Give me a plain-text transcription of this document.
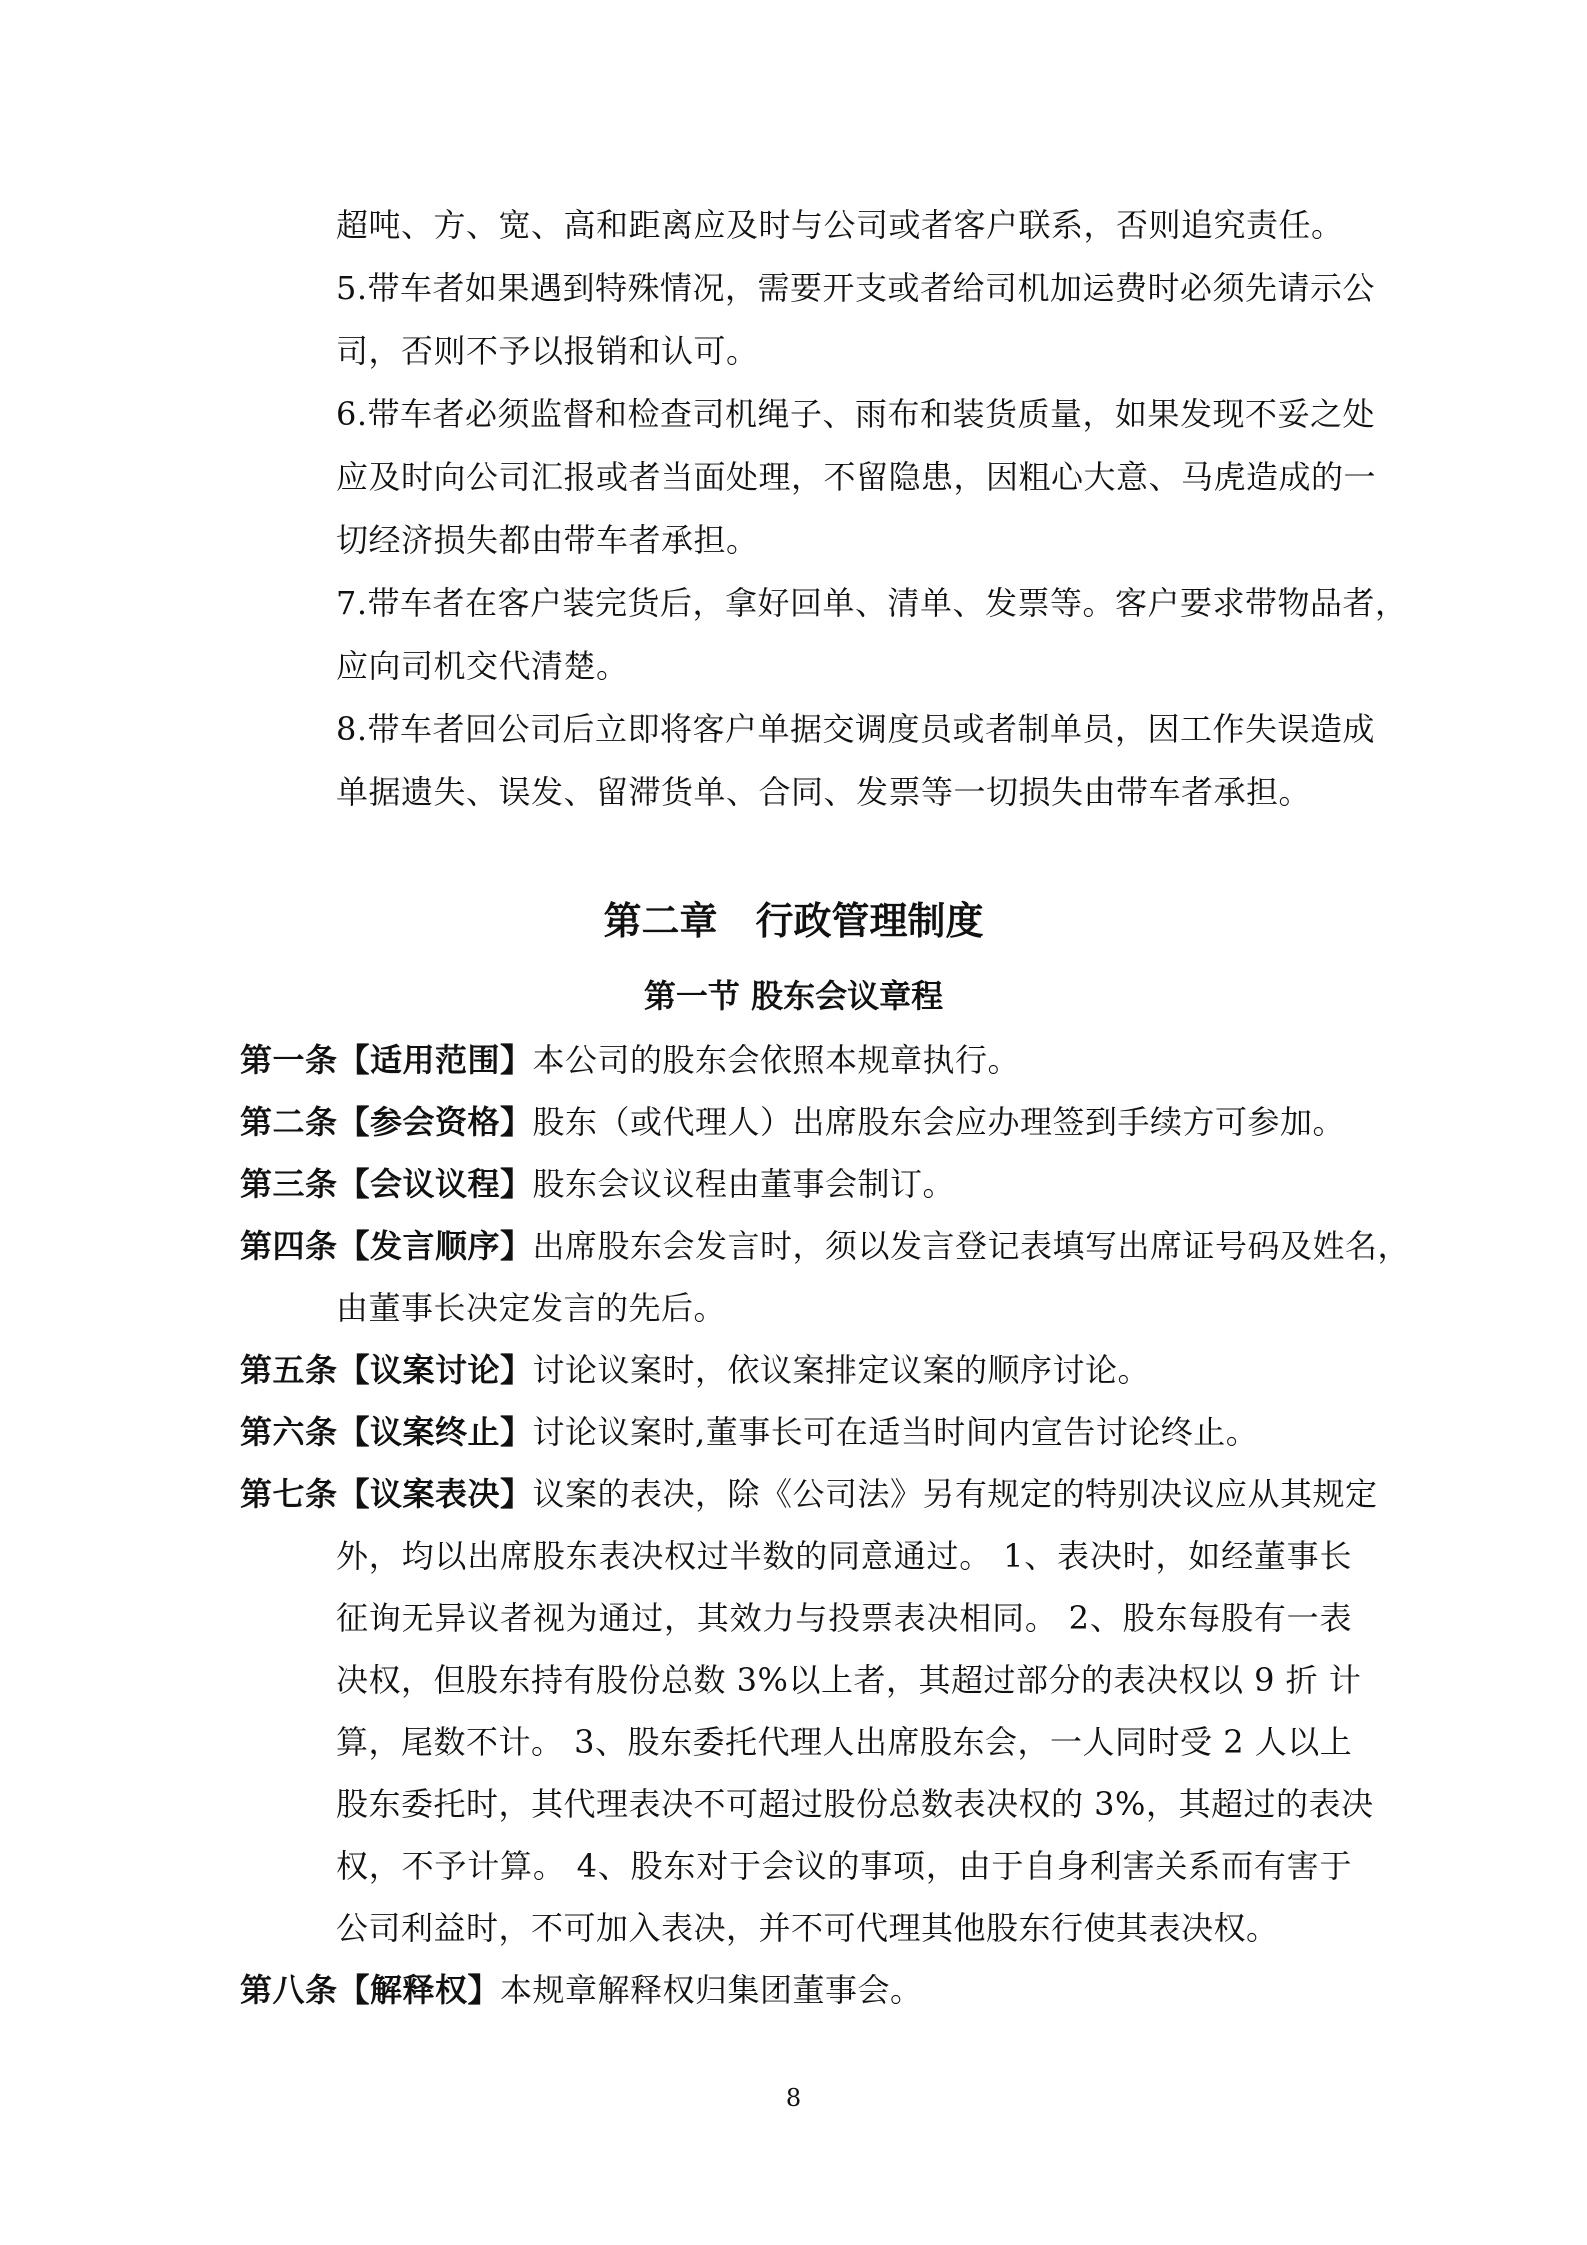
超吨、方、宽、高和距离应及时与公司或者客户联系，否则追究责任。
5.带车者如果遇到特殊情况，需要开支或者给司机加运费时必须先请示公
司，否则不予以报销和认可。
6.带车者必须监督和检查司机绳子、雨布和装货质量，如果发现不妥之处
应及时向公司汇报或者当面处理，不留隐患，因粗心大意、马虎造成的一
切经济损失都由带车者承担。
7.带车者在客户装完货后，拿好回单、清单、发票等。客户要求带物品者，
应向司机交代清楚。
8.带车者回公司后立即将客户单据交调度员或者制单员，因工作失误造成
单据遗失、误发、留滞货单、合同、发票等一切损失由带车者承担。
第二章　行政管理制度
第一节 股东会议章程
第一条【适用范围】本公司的股东会依照本规章执行。
第二条【参会资格】股东（或代理人）出席股东会应办理签到手续方可参加。
第三条【会议议程】股东会议议程由董事会制订。
第四条【发言顺序】出席股东会发言时，须以发言登记表填写出席证号码及姓名，
由董事长决定发言的先后。
第五条【议案讨论】讨论议案时，依议案排定议案的顺序讨论。
第六条【议案终止】讨论议案时,董事长可在适当时间内宣告讨论终止。
第七条【议案表决】议案的表决，除《公司法》另有规定的特别决议应从其规定
外，均以出席股东表决权过半数的同意通过。 1、表决时，如经董事长
征询无异议者视为通过，其效力与投票表决相同。 2、股东每股有一表
决权，但股东持有股份总数 3%以上者，其超过部分的表决权以 9 折 计
算，尾数不计。 3、股东委托代理人出席股东会，一人同时受 2 人以上
股东委托时，其代理表决不可超过股份总数表决权的 3%，其超过的表决
权，不予计算。 4、股东对于会议的事项，由于自身利害关系而有害于
公司利益时，不可加入表决，并不可代理其他股东行使其表决权。
第八条【解释权】本规章解释权归集团董事会。
8
